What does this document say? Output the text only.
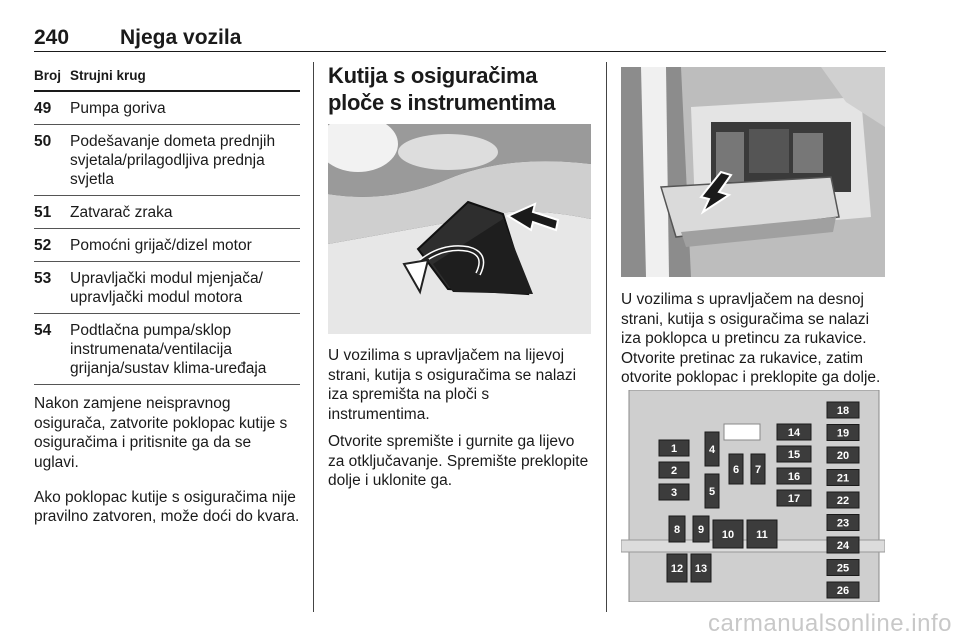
240 Njega vozila
Broj Strujni krug
49	Pumpa goriva
50	Podešavanje dometa prednjih svjetala/prilagodljiva prednja svjetla
51	Zatvarač zraka
52	Pomoćni grijač/dizel motor
53	Upravljački modul mjenjača/ upravljački modul motora
54	Podtlačna pumpa/sklop instrumenata/ventilacija grijanja/sustav klima-uređaja

Nakon zamjene neispravnog osigurača, zatvorite poklopac kutije s osiguračima i pritisnite ga da se uglavi.

Ako poklopac kutije s osiguračima nije pravilno zatvoren, može doći do kvara.

Kutija s osiguračima ploče s instrumentima

U vozilima s upravljačem na lijevoj strani, kutija s osiguračima se nalazi iza spremišta na ploči s instrumentima.

Otvorite spremište i gurnite ga lijevo za otključavanje. Spremište preklopite dolje i uklonite ga.

U vozilima s upravljačem na desnoj strani, kutija s osiguračima se nalazi iza poklopca u pretincu za rukavice. Otvorite pretinac za rukavice, zatim otvorite poklopac i preklopite ga dolje.

1
2
3
4
5
6 7
8 9 10 11
12 13
14
15
16
17
18
19
20
21
22
23
24
25
26
carmanualsonline.info
